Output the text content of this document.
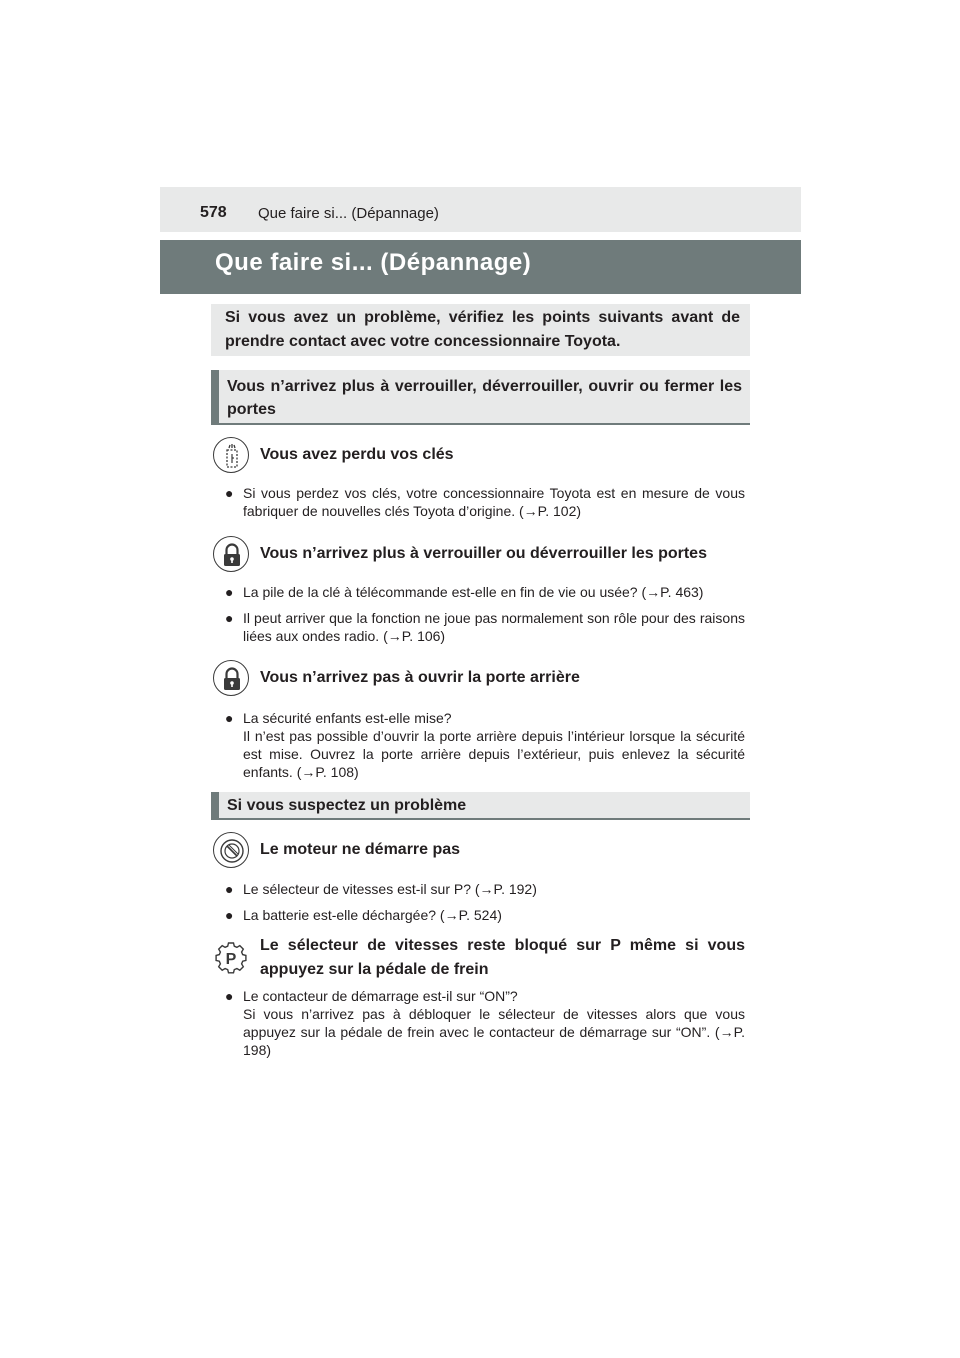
578 Que faire si... (Dépannage)
Que faire si... (Dépannage)
Si vous avez un problème, vérifiez les points suivants avant de prendre contact avec votre concessionnaire Toyota.
Vous n’arrivez plus à verrouiller, déverrouiller, ouvrir ou fermer les portes
Vous avez perdu vos clés
● Si vous perdez vos clés, votre concessionnaire Toyota est en mesure de vous fabriquer de nouvelles clés Toyota d’origine. (→P. 102)
Vous n’arrivez plus à verrouiller ou déverrouiller les portes
● La pile de la clé à télécommande est-elle en fin de vie ou usée? (→P. 463)
● Il peut arriver que la fonction ne joue pas normalement son rôle pour des raisons liées aux ondes radio. (→P. 106)
Vous n’arrivez pas à ouvrir la porte arrière
● La sécurité enfants est-elle mise?
Il n’est pas possible d’ouvrir la porte arrière depuis l’intérieur lorsque la sécurité est mise. Ouvrez la porte arrière depuis l’extérieur, puis enlevez la sécurité enfants. (→P. 108)
Si vous suspectez un problème
Le moteur ne démarre pas
● Le sélecteur de vitesses est-il sur P? (→P. 192)
● La batterie est-elle déchargée? (→P. 524)
P
Le sélecteur de vitesses reste bloqué sur P même si vous appuyez sur la pédale de frein
● Le contacteur de démarrage est-il sur “ON”?
Si vous n’arrivez pas à débloquer le sélecteur de vitesses alors que vous appuyez sur la pédale de frein avec le contacteur de démarrage sur “ON”. (→P. 198)
